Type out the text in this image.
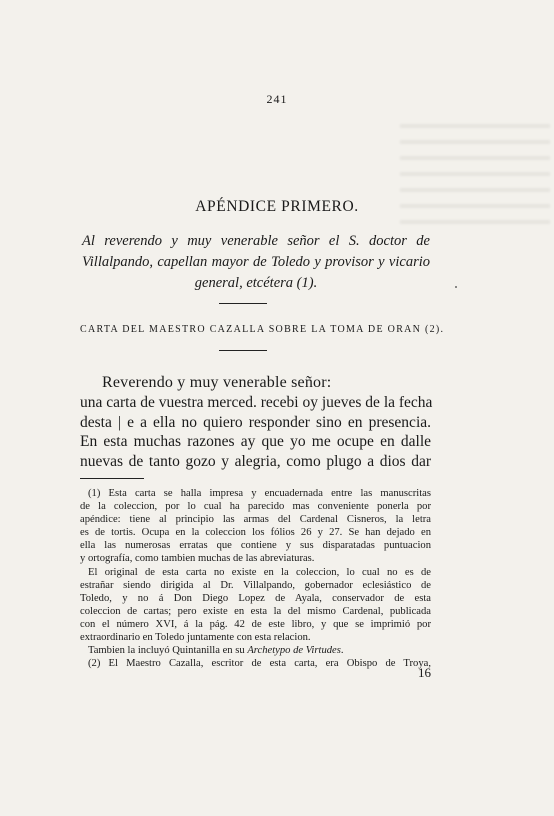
241
APÉNDICE PRIMERO.
Al reverendo y muy venerable señor el S. doctor de Villalpando, capellan mayor de Toledo y provisor y vicario general, etcétera (1).
CARTA DEL MAESTRO CAZALLA SOBRE LA TOMA DE ORAN (2).
Reverendo y muy venerable señor:
una carta de vuestra merced. recebi oy jueves de la fecha
desta | e a ella no quiero responder sino en presencia.
En esta muchas razones ay que yo me ocupe en dalle
nuevas de tanto gozo y alegria, como plugo a dios dar
(1) Esta carta se halla impresa y encuadernada entre las manuscritas
de la coleccion, por lo cual ha parecido mas conveniente ponerla por
apéndice: tiene al principio las armas del Cardenal Cisneros, la letra
es de tortis. Ocupa en la coleccion los fólios 26 y 27. Se han dejado en
ella las numerosas erratas que contiene y sus disparatadas puntuacion
y ortografía, como tambien muchas de las abreviaturas.
El original de esta carta no existe en la coleccion, lo cual no es de
estrañar siendo dirigida al Dr. Villalpando, gobernador eclesiástico de
Toledo, y no á Don Diego Lopez de Ayala, conservador de esta
coleccion de cartas; pero existe en esta la del mismo Cardenal, publicada
con el número XVI, á la pág. 42 de este libro, y que se imprimió por
extraordinario en Toledo juntamente con esta relacion.
Tambien la incluyó Quintanilla en su Archetypo de Virtudes.
(2) El Maestro Cazalla, escritor de esta carta, era Obispo de Troya,
16
